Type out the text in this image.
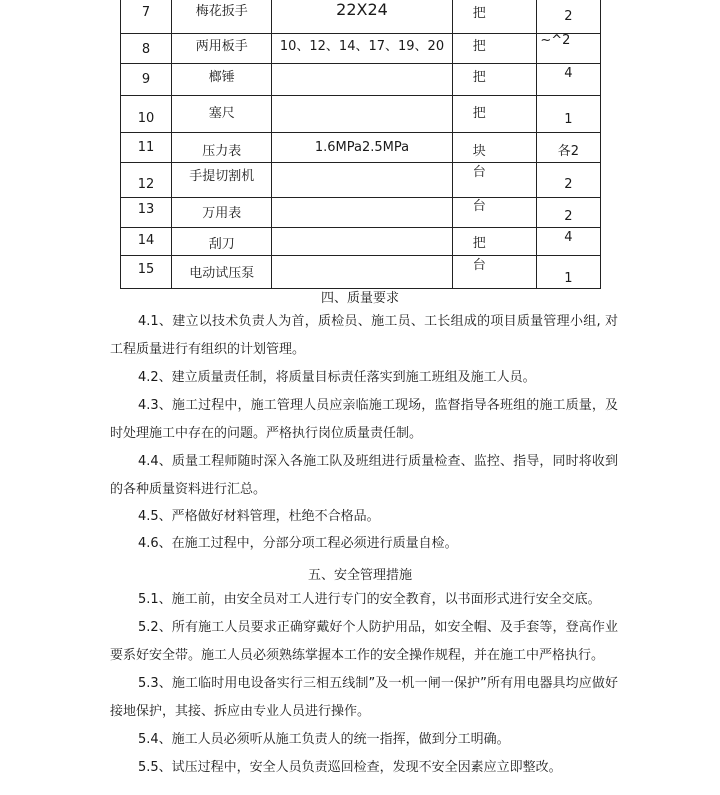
7	梅花扳手	22X24	把	2

8	两用板手	10、12、14、17、19、20	把	~^2

9	榔锤		把	4

10	塞尺		把	1

11	压力表	1.6MPa2.5MPa	块	各2

12	手提切割机		台	2

13	万用表		台	2

14	刮刀		把	4

15	电动试压泵		台	1
四、质量要求
4.1、建立以技术负责人为首，质检员、施工员、工长组成的项目质量管理小组, 对工程质量进行有组织的计划管理。
4.2、建立质量责任制，将质量目标责任落实到施工班组及施工人员。
4.3、施工过程中，施工管理人员应亲临施工现场，监督指导各班组的施工质量，及时处理施工中存在的问题。严格执行岗位质量责任制。
4.4、质量工程师随时深入各施工队及班组进行质量检查、监控、指导，同时将收到的各种质量资料进行汇总。
4.5、严格做好材料管理，杜绝不合格品。
4.6、在施工过程中，分部分项工程必须进行质量自检。
五、安全管理措施
5.1、施工前，由安全员对工人进行专门的安全教育，以书面形式进行安全交底。
5.2、所有施工人员要求正确穿戴好个人防护用品，如安全帽、及手套等，登高作业要系好安全带。施工人员必须熟练掌握本工作的安全操作规程，并在施工中严格执行。
5.3、施工临时用电设备实行三相五线制”及一机一闸一保护”所有用电器具均应做好接地保护，其接、拆应由专业人员进行操作。
5.4、施工人员必须听从施工负责人的统一指挥，做到分工明确。
5.5、试压过程中，安全人员负责巡回检查，发现不安全因素应立即整改。
